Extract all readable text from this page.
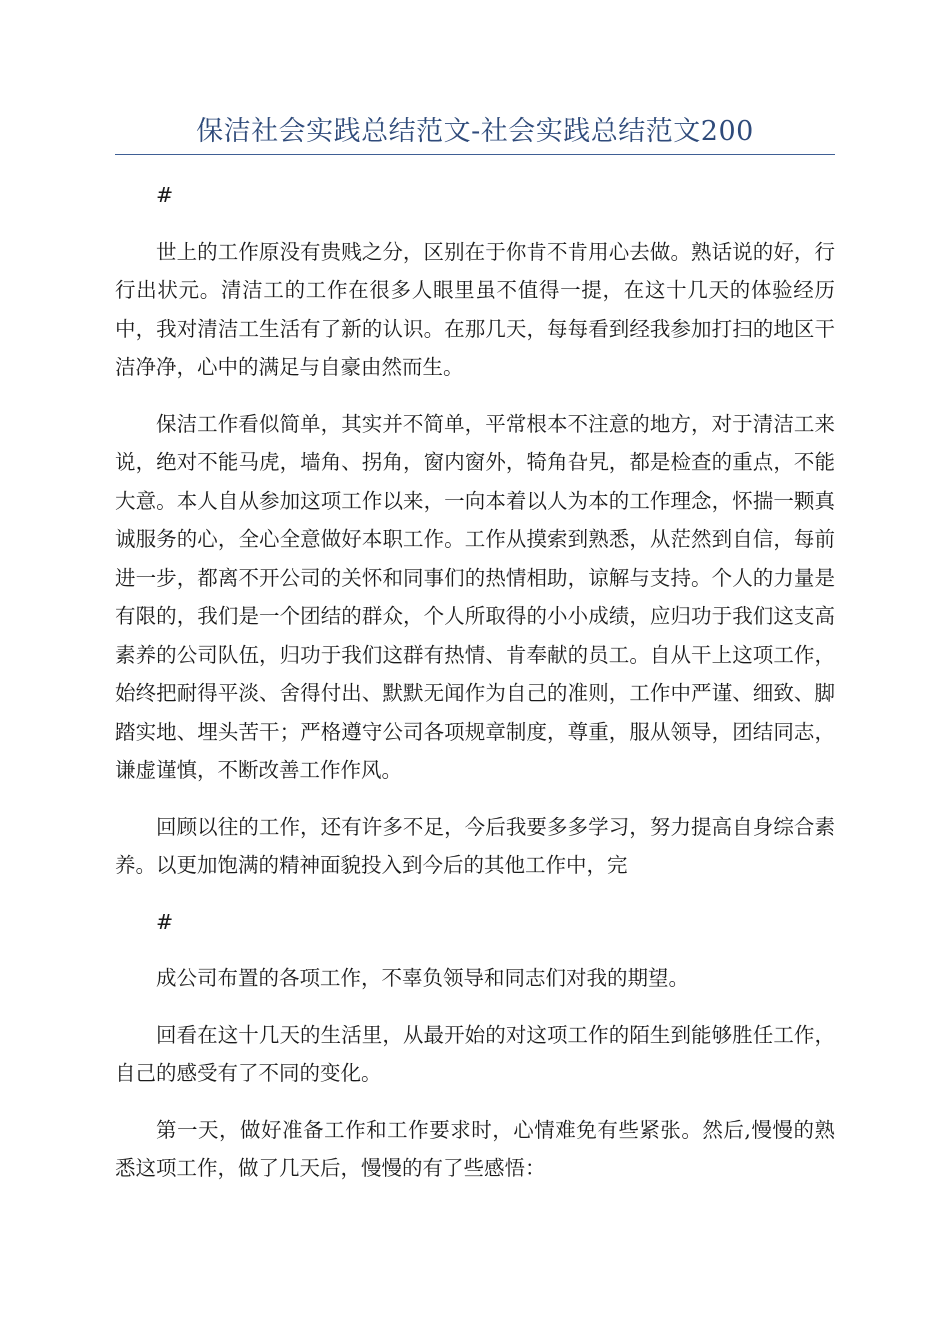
保洁社会实践总结范文-社会实践总结范文200

#

世上的工作原没有贵贱之分，区别在于你肯不肯用心去做。熟话说的好，行行出状元。清洁工的工作在很多人眼里虽不值得一提，在这十几天的体验经历中，我对清洁工生活有了新的认识。在那几天，每每看到经我参加打扫的地区干洁净净，心中的满足与自豪由然而生。

保洁工作看似简单，其实并不简单，平常根本不注意的地方，对于清洁工来说，绝对不能马虎，墙角、拐角，窗内窗外，犄角旮旯，都是检查的重点，不能大意。本人自从参加这项工作以来，一向本着以人为本的工作理念，怀揣一颗真诚服务的心，全心全意做好本职工作。工作从摸索到熟悉，从茫然到自信，每前进一步，都离不开公司的关怀和同事们的热情相助，谅解与支持。个人的力量是有限的，我们是一个团结的群众，个人所取得的小小成绩，应归功于我们这支高素养的公司队伍，归功于我们这群有热情、肯奉献的员工。自从干上这项工作，始终把耐得平淡、舍得付出、默默无闻作为自己的准则，工作中严谨、细致、脚踏实地、埋头苦干；严格遵守公司各项规章制度，尊重，服从领导，团结同志，谦虚谨慎，不断改善工作作风。

回顾以往的工作，还有许多不足，今后我要多多学习，努力提高自身综合素养。以更加饱满的精神面貌投入到今后的其他工作中，完

#

成公司布置的各项工作，不辜负领导和同志们对我的期望。

回看在这十几天的生活里，从最开始的对这项工作的陌生到能够胜任工作，自己的感受有了不同的变化。

第一天，做好准备工作和工作要求时，心情难免有些紧张。然后,慢慢的熟悉这项工作，做了几天后，慢慢的有了些感悟：
